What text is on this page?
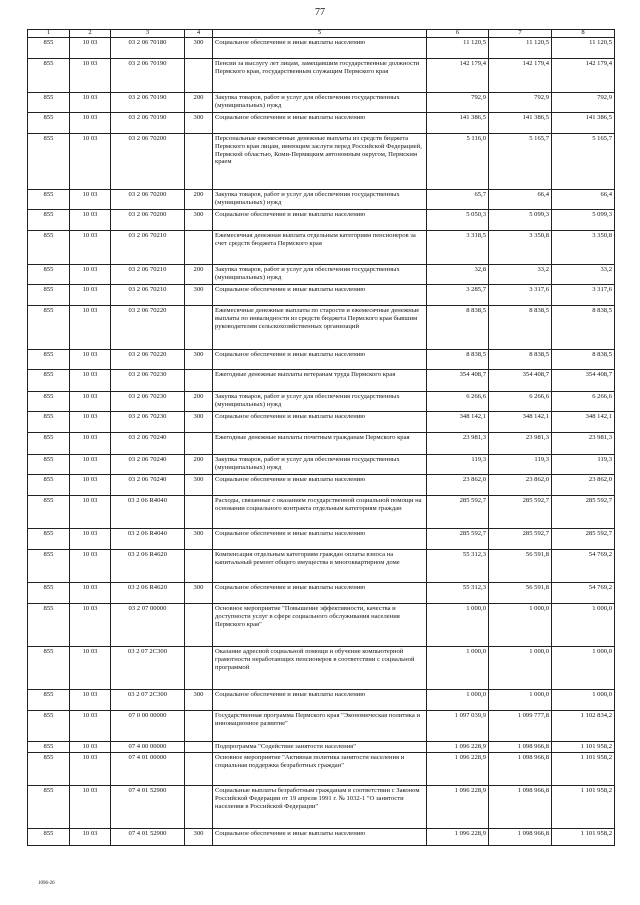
77
1	2	3	4	5	6	7	8
855	10 03	03 2 06 70180	300	Социальное обеспечение и иные выплаты населению	11 120,5	11 120,5	11 120,5
855	10 03	03 2 06 70190		Пенсии за выслугу лет лицам, замещавшим государственные должности Пермского края, государственным служащим Пермского края	142 179,4	142 179,4	142 179,4
855	10 03	03 2 06 70190	200	Закупка товаров, работ и услуг для обеспечения государственных (муниципальных) нужд	792,9	792,9	792,9
855	10 03	03 2 06 70190	300	Социальное обеспечение и иные выплаты населению	141 386,5	141 386,5	141 386,5
855	10 03	03 2 06 70200		Персональные ежемесячные денежные выплаты из средств бюджета Пермского края лицам, имеющим заслуги перед Российской Федерацией, Пермской областью, Коми-Пермяцким автономным округом, Пермским краем	5 116,0	5 165,7	5 165,7
855	10 03	03 2 06 70200	200	Закупка товаров, работ и услуг для обеспечения государственных (муниципальных) нужд	65,7	66,4	66,4
855	10 03	03 2 06 70200	300	Социальное обеспечение и иные выплаты населению	5 050,3	5 099,3	5 099,3
855	10 03	03 2 06 70210		Ежемесячная денежная выплата отдельным категориям пенсионеров за счет средств бюджета Пермского края	3 318,5	3 350,8	3 350,8
855	10 03	03 2 06 70210	200	Закупка товаров, работ и услуг для обеспечения государственных (муниципальных) нужд	32,8	33,2	33,2
855	10 03	03 2 06 70210	300	Социальное обеспечение и иные выплаты населению	3 285,7	3 317,6	3 317,6
855	10 03	03 2 06 70220		Ежемесячные денежные выплаты по старости и ежемесячные денежные выплаты по инвалидности из средств бюджета Пермского края бывшим руководителям сельскохозяйственных организаций	8 838,5	8 838,5	8 838,5
855	10 03	03 2 06 70220	300	Социальное обеспечение и иные выплаты населению	8 838,5	8 838,5	8 838,5
855	10 03	03 2 06 70230		Ежегодные денежные выплаты ветеранам труда Пермского края	354 408,7	354 408,7	354 408,7
855	10 03	03 2 06 70230	200	Закупка товаров, работ и услуг для обеспечения государственных (муниципальных) нужд	6 266,6	6 266,6	6 266,6
855	10 03	03 2 06 70230	300	Социальное обеспечение и иные выплаты населению	348 142,1	348 142,1	348 142,1
855	10 03	03 2 06 70240		Ежегодные денежные выплаты почетным гражданам Пермского края	23 981,3	23 981,3	23 981,3
855	10 03	03 2 06 70240	200	Закупка товаров, работ и услуг для обеспечения государственных (муниципальных) нужд	119,3	119,3	119,3
855	10 03	03 2 06 70240	300	Социальное обеспечение и иные выплаты населению	23 862,0	23 862,0	23 862,0
855	10 03	03 2 06 R4040		Расходы, связанные с оказанием государственной социальной помощи на основании социального контракта отдельным категориям граждан	285 592,7	285 592,7	285 592,7
855	10 03	03 2 06 R4040	300	Социальное обеспечение и иные выплаты населению	285 592,7	285 592,7	285 592,7
855	10 03	03 2 06 R4620		Компенсация отдельным категориям граждан оплаты взноса на капитальный ремонт общего имущества в многоквартирном доме	55 312,3	56 591,8	54 769,2
855	10 03	03 2 06 R4620	300	Социальное обеспечение и иные выплаты населению	55 312,3	56 591,8	54 769,2
855	10 03	03 2 07 00000		Основное мероприятие "Повышение эффективности, качества и доступности услуг в сфере социального обслуживания населения Пермского края"	1 000,0	1 000,0	1 000,0
855	10 03	03 2 07 2С300		Оказание адресной социальной помощи и обучение компьютерной грамотности неработающих пенсионеров в соответствии с социальной программой	1 000,0	1 000,0	1 000,0
855	10 03	03 2 07 2С300	300	Социальное обеспечение и иные выплаты населению	1 000,0	1 000,0	1 000,0
855	10 03	07 0 00 00000		Государственная программа Пермского края "Экономическая политика и инновационное развитие"	1 097 039,9	1 099 777,8	1 102 834,2
855	10 03	07 4 00 00000		Подпрограмма "Содействие занятости населения"	1 096 228,9	1 098 966,8	1 101 958,2
855	10 03	07 4 01 00000		Основное мероприятие "Активная политика занятости населения и социальная поддержка безработных граждан"	1 096 228,9	1 098 966,8	1 101 958,2
855	10 03	07 4 01 52900		Социальные выплаты безработным гражданам в соответствии с Законом Российской Федерации от 19 апреля 1991 г. № 1032-1 "О занятости населения в Российской Федерации"	1 096 228,9	1 098 966,8	1 101 958,2
855	10 03	07 4 01 52900	300	Социальное обеспечение и иные выплаты населению	1 096 228,9	1 098 966,8	1 101 958,2
1096-26
